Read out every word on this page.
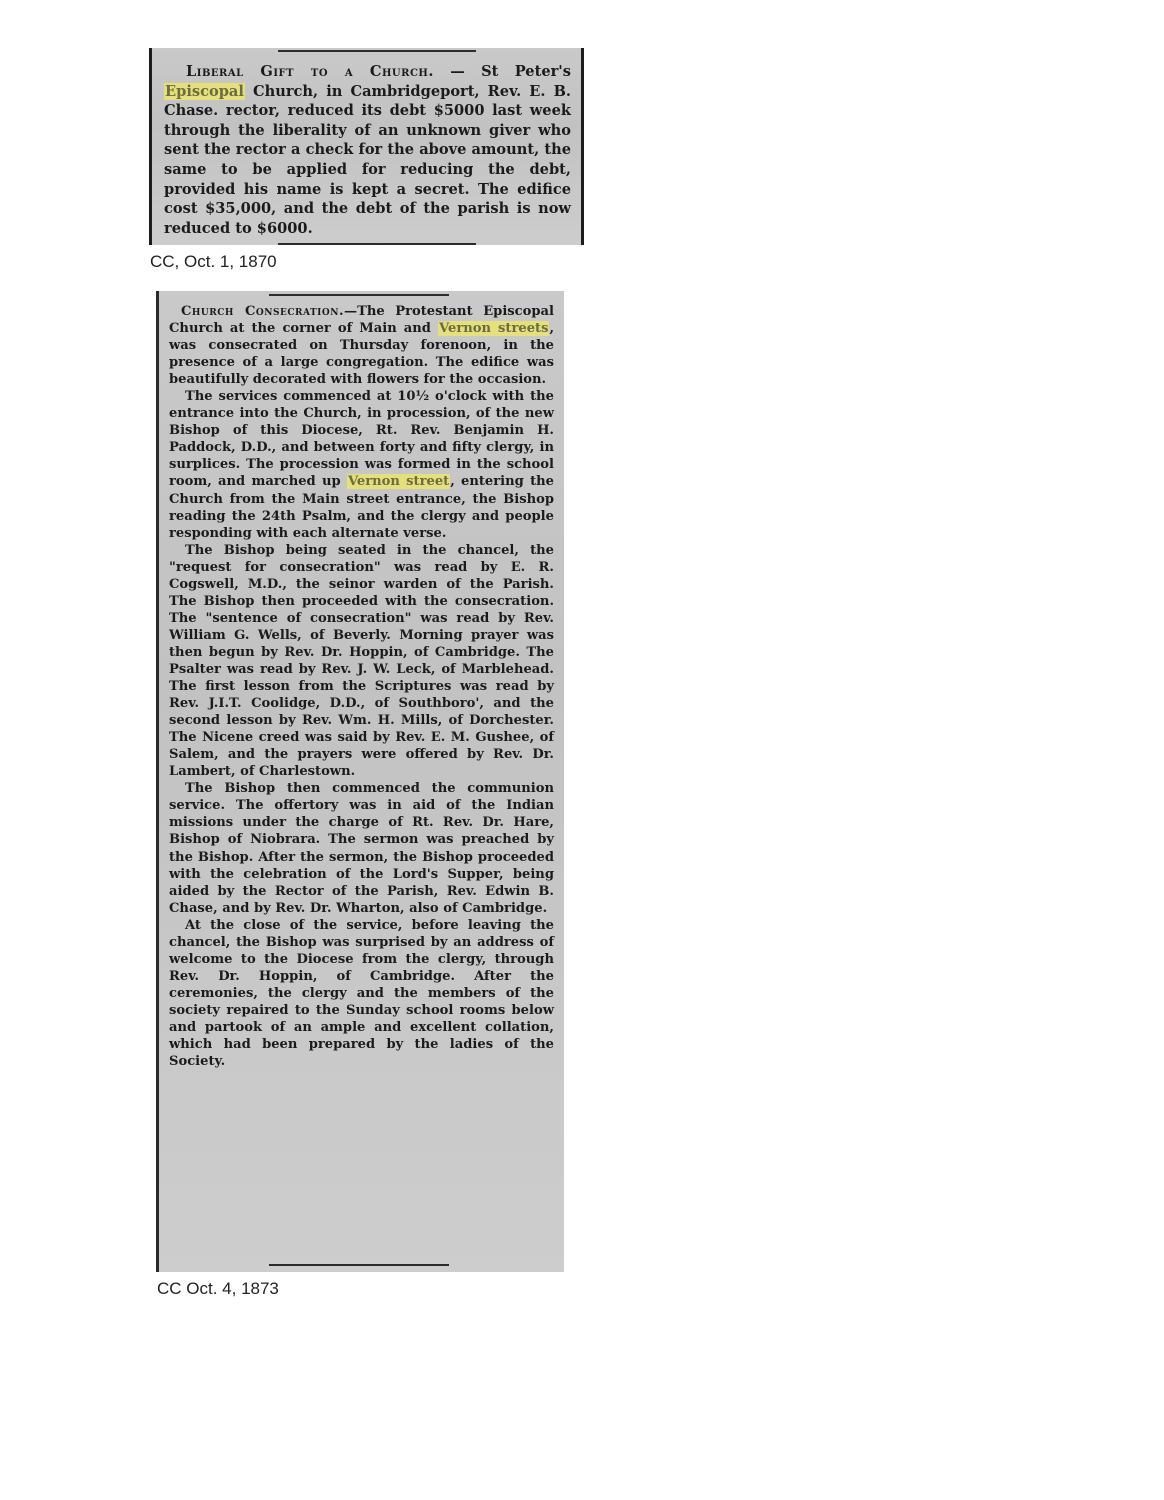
Liberal Gift to a Church. — St Peter's Episcopal Church, in Cambridgeport, Rev. E. B. Chase. rector, reduced its debt $5000 last week through the liberality of an unknown giver who sent the rector a check for the above amount, the same to be applied for reducing the debt, provided his name is kept a secret. The edifice cost $35,000, and the debt of the parish is now reduced to $6000.

CC, Oct. 1, 1870

Church Consecration.—The Protestant Episcopal Church at the corner of Main and Vernon streets, was consecrated on Thursday forenoon, in the presence of a large congregation. The edifice was beautifully decorated with flowers for the occasion.

The services commenced at 10½ o'clock with the entrance into the Church, in procession, of the new Bishop of this Diocese, Rt. Rev. Benjamin H. Paddock, D.D., and between forty and fifty clergy, in surplices. The procession was formed in the school room, and marched up Vernon street, entering the Church from the Main street entrance, the Bishop reading the 24th Psalm, and the clergy and people responding with each alternate verse.

The Bishop being seated in the chancel, the "request for consecration" was read by E. R. Cogswell, M.D., the seinor warden of the Parish. The Bishop then proceeded with the consecration. The "sentence of consecration" was read by Rev. William G. Wells, of Beverly. Morning prayer was then begun by Rev. Dr. Hoppin, of Cambridge. The Psalter was read by Rev. J. W. Leck, of Marblehead. The first lesson from the Scriptures was read by Rev. J.I.T. Coolidge, D.D., of Southboro', and the second lesson by Rev. Wm. H. Mills, of Dorchester. The Nicene creed was said by Rev. E. M. Gushee, of Salem, and the prayers were offered by Rev. Dr. Lambert, of Charlestown.

The Bishop then commenced the communion service. The offertory was in aid of the Indian missions under the charge of Rt. Rev. Dr. Hare, Bishop of Niobrara. The sermon was preached by the Bishop. After the sermon, the Bishop proceeded with the celebration of the Lord's Supper, being aided by the Rector of the Parish, Rev. Edwin B. Chase, and by Rev. Dr. Wharton, also of Cambridge.

At the close of the service, before leaving the chancel, the Bishop was surprised by an address of welcome to the Diocese from the clergy, through Rev. Dr. Hoppin, of Cambridge. After the ceremonies, the clergy and the members of the society repaired to the Sunday school rooms below and partook of an ample and excellent collation, which had been prepared by the ladies of the Society.

CC Oct. 4, 1873
